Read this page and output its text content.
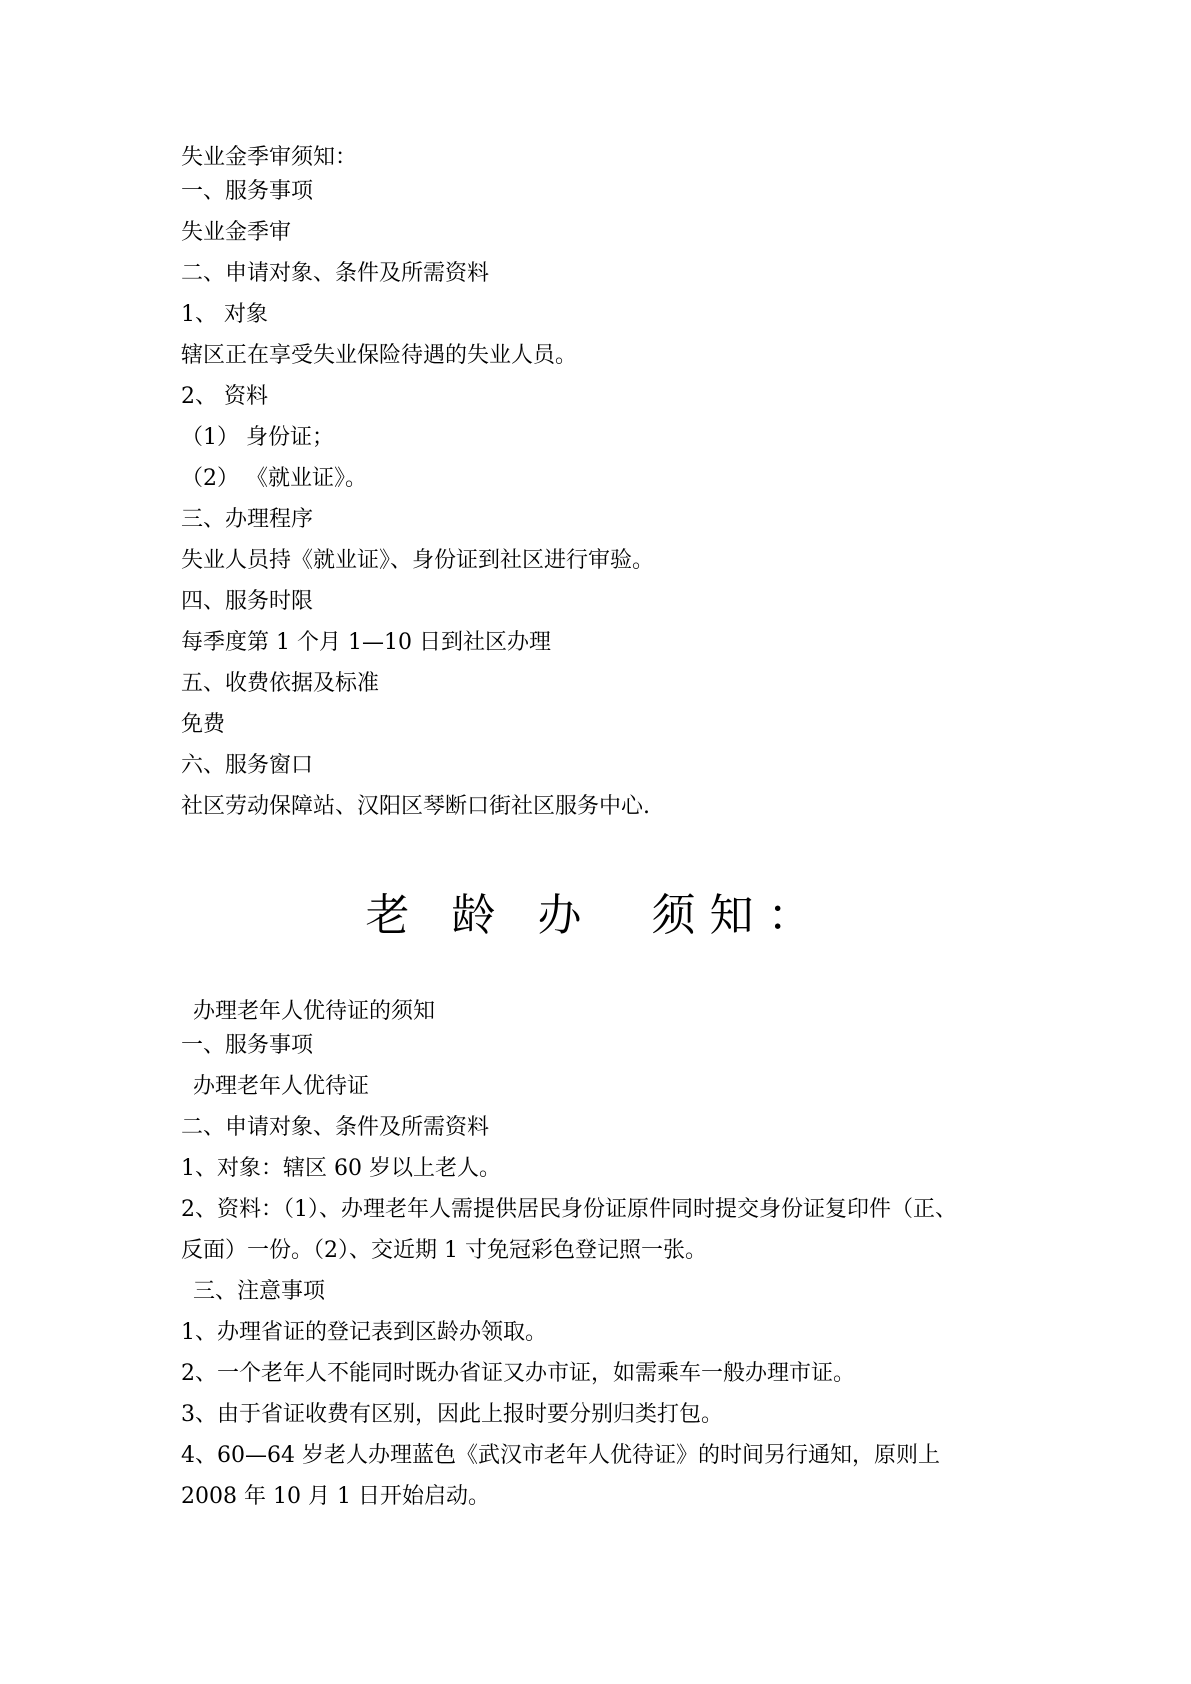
失业金季审须知：
一、服务事项
失业金季审
二、申请对象、条件及所需资料
1、 对象
辖区正在享受失业保险待遇的失业人员。
2、 资料
（1） 身份证；
（2） 《就业证》。
三、办理程序
失业人员持《就业证》、身份证到社区进行审验。
四、服务时限
每季度第 1 个月 1—10 日到社区办理
五、收费依据及标准
免费
六、服务窗口
社区劳动保障站、汉阳区琴断口街社区服务中心.
老 龄 办  须知：
办理老年人优待证的须知
一、服务事项
办理老年人优待证
二、申请对象、条件及所需资料
1、对象：辖区 60 岁以上老人。
2、资料：（1）、办理老年人需提供居民身份证原件同时提交身份证复印件（正、
反面）一份。（2）、交近期 1 寸免冠彩色登记照一张。
三、注意事项
1、办理省证的登记表到区龄办领取。
2、一个老年人不能同时既办省证又办市证，如需乘车一般办理市证。
3、由于省证收费有区别，因此上报时要分别归类打包。
4、60—64 岁老人办理蓝色《武汉市老年人优待证》的时间另行通知，原则上
2008 年 10 月 1 日开始启动。
